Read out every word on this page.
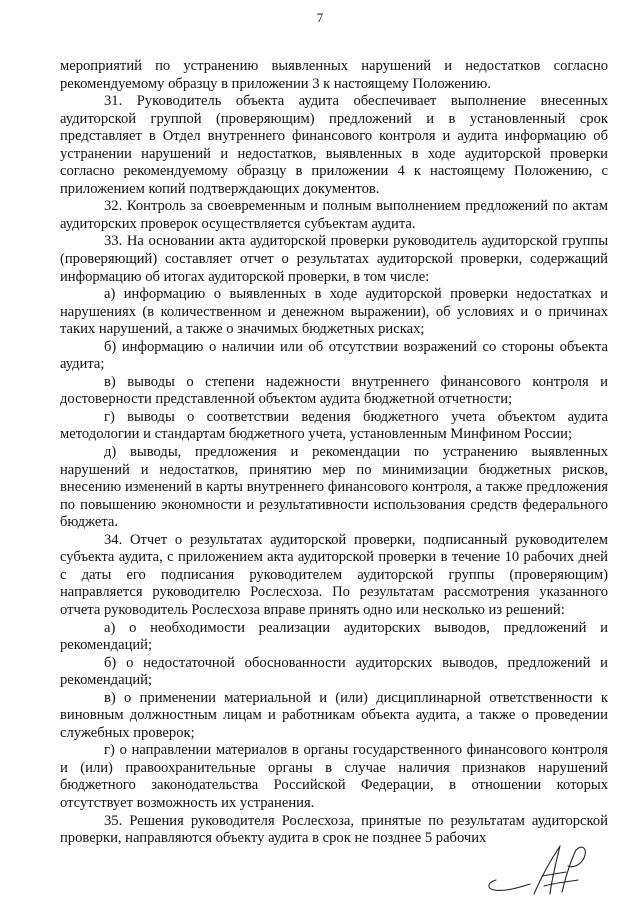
7

мероприятий по устранению выявленных нарушений и недостатков согласно рекомендуемому образцу в приложении 3 к настоящему Положению.

31. Руководитель объекта аудита обеспечивает выполнение внесенных аудиторской группой (проверяющим) предложений и в установленный срок представляет в Отдел внутреннего финансового контроля и аудита информацию об устранении нарушений и недостатков, выявленных в ходе аудиторской проверки согласно рекомендуемому образцу в приложении 4 к настоящему Положению, с приложением копий подтверждающих документов.

32. Контроль за своевременным и полным выполнением предложений по актам аудиторских проверок осуществляется субъектам аудита.

33. На основании акта аудиторской проверки руководитель аудиторской группы (проверяющий) составляет отчет о результатах аудиторской проверки, содержащий информацию об итогах аудиторской проверки, в том числе:

а) информацию о выявленных в ходе аудиторской проверки недостатках и нарушениях (в количественном и денежном выражении), об условиях и о причинах таких нарушений, а также о значимых бюджетных рисках;

б) информацию о наличии или об отсутствии возражений со стороны объекта аудита;

в) выводы о степени надежности внутреннего финансового контроля и достоверности представленной объектом аудита бюджетной отчетности;

г) выводы о соответствии ведения бюджетного учета объектом аудита методологии и стандартам бюджетного учета, установленным Минфином России;

д) выводы, предложения и рекомендации по устранению выявленных нарушений и недостатков, принятию мер по минимизации бюджетных рисков, внесению изменений в карты внутреннего финансового контроля, а также предложения по повышению экономности и результативности использования средств федерального бюджета.

34. Отчет о результатах аудиторской проверки, подписанный руководителем субъекта аудита, с приложением акта аудиторской проверки в течение 10 рабочих дней с даты его подписания руководителем аудиторской группы (проверяющим) направляется руководителю Рослесхоза. По результатам рассмотрения указанного отчета руководитель Рослесхоза вправе принять одно или несколько из решений:

а) о необходимости реализации аудиторских выводов, предложений и рекомендаций;

б) о недостаточной обоснованности аудиторских выводов, предложений и рекомендаций;

в) о применении материальной и (или) дисциплинарной ответственности к виновным должностным лицам и работникам объекта аудита, а также о проведении служебных проверок;

г) о направлении материалов в органы государственного финансового контроля и (или) правоохранительные органы в случае наличия признаков нарушений бюджетного законодательства Российской Федерации, в отношении которых отсутствует возможность их устранения.

35. Решения руководителя Рослесхоза, принятые по результатам аудиторской проверки, направляются объекту аудита в срок не позднее 5 рабочих
